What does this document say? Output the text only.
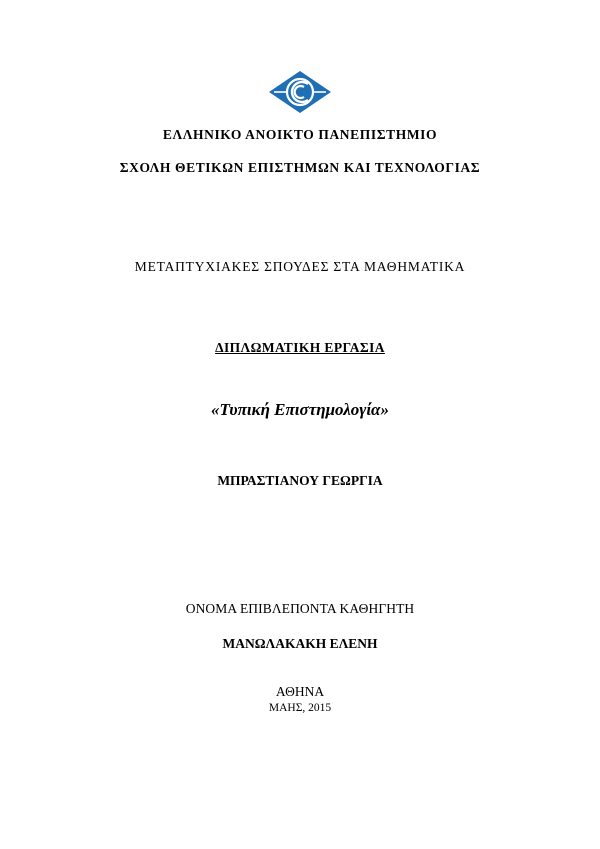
ΕΛΛΗΝΙΚΟ ΑΝΟΙΚΤΟ ΠΑΝΕΠΙΣΤΗΜΙΟ
ΣΧΟΛΗ ΘΕΤΙΚΩΝ ΕΠΙΣΤΗΜΩΝ ΚΑΙ ΤΕΧΝΟΛΟΓΙΑΣ
ΜΕΤΑΠΤΥΧΙΑΚΕΣ ΣΠΟΥΔΕΣ ΣΤΑ ΜΑΘΗΜΑΤΙΚΑ
ΔΙΠΛΩΜΑΤΙΚΗ ΕΡΓΑΣΙΑ
«Τυπική Επιστημολογία»
ΜΠΡΑΣΤΙΑΝΟΥ ΓΕΩΡΓΙΑ
ΟΝΟΜΑ ΕΠΙΒΛΕΠΟΝΤΑ ΚΑΘΗΓΗΤΗ
ΜΑΝΩΛΑΚΑΚΗ ΕΛΕΝΗ
ΑΘΗΝΑ
ΜΑΗΣ, 2015
